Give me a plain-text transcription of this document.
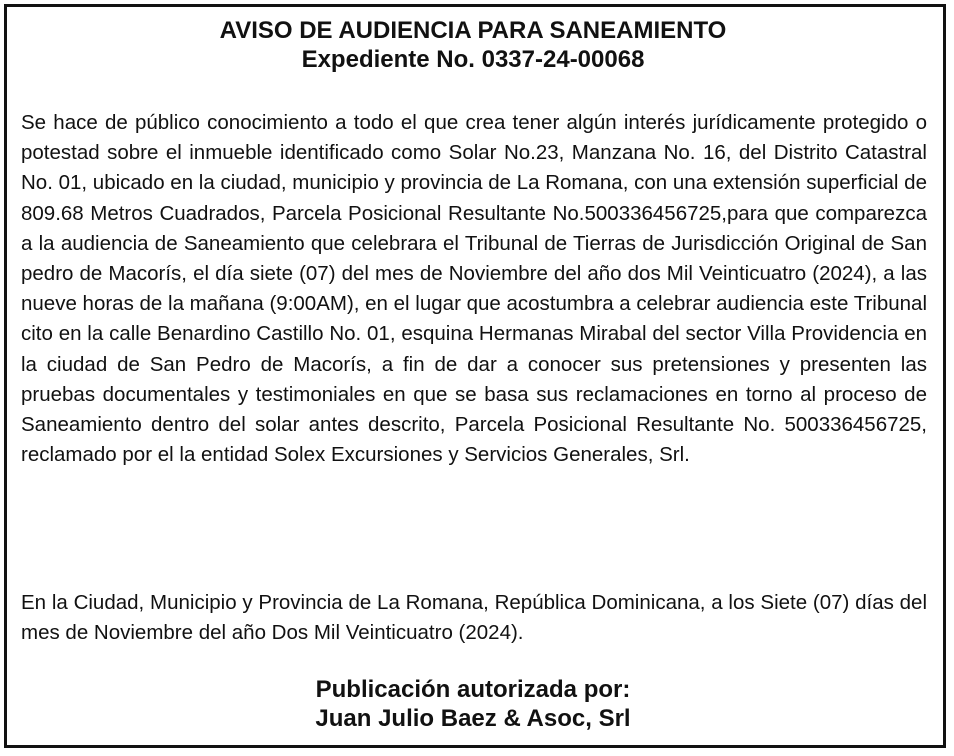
AVISO DE AUDIENCIA PARA SANEAMIENTO
Expediente No. 0337-24-00068

Se hace de público conocimiento a todo el que crea tener algún interés jurídicamente protegido o potestad sobre el inmueble identificado como Solar No.23, Manzana No. 16, del Distrito Catastral No. 01, ubicado en la ciudad, municipio y provincia de La Romana, con una extensión superficial de 809.68 Metros Cuadrados, Parcela Posicional Resultante No.500336456725,para que comparezca a la audiencia de Saneamiento que celebrara el Tribunal de Tierras de Jurisdicción Original de San pedro de Macorís, el día siete (07) del mes de Noviembre del año dos Mil Veinticuatro (2024), a las nueve horas de la mañana (9:00AM), en el lugar que acostumbra a celebrar audiencia este Tribunal cito en la calle Benardino Castillo No. 01, esquina Hermanas Mirabal del sector Villa Providencia en la ciudad de San Pedro de Macorís, a fin de dar a conocer sus pretensiones y presenten las pruebas documentales y testimoniales en que se basa sus reclamaciones en torno al proceso de Saneamiento dentro del solar antes descrito, Parcela Posicional Resultante No. 500336456725, reclamado por el la entidad Solex Excursiones y Servicios Generales, Srl.

En la Ciudad, Municipio y Provincia de La Romana, República Dominicana, a los Siete (07) días del mes de Noviembre del año Dos Mil Veinticuatro (2024).

Publicación autorizada por:
Juan Julio Baez & Asoc, Srl
